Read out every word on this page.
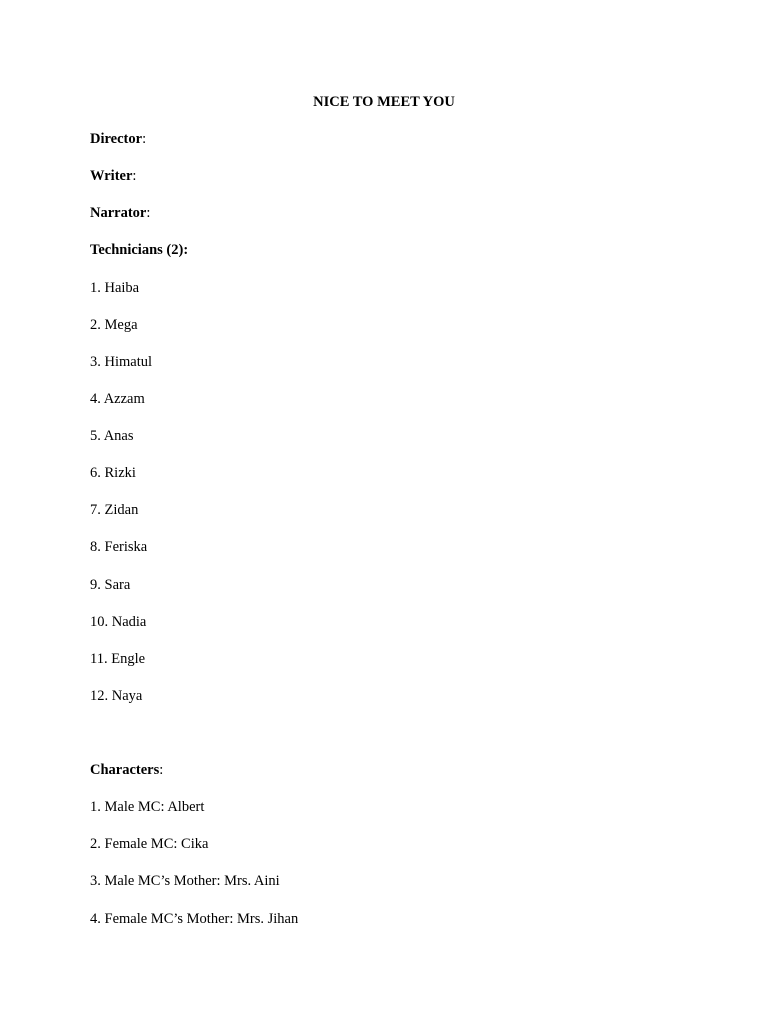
NICE TO MEET YOU

Director:

Writer:

Narrator:

Technicians (2):

1. Haiba

2. Mega

3. Himatul

4. Azzam

5. Anas

6. Rizki

7. Zidan

8. Feriska

9. Sara

10. Nadia

11. Engle

12. Naya

Characters:

1. Male MC: Albert

2. Female MC: Cika

3. Male MC’s Mother: Mrs. Aini

4. Female MC’s Mother: Mrs. Jihan
